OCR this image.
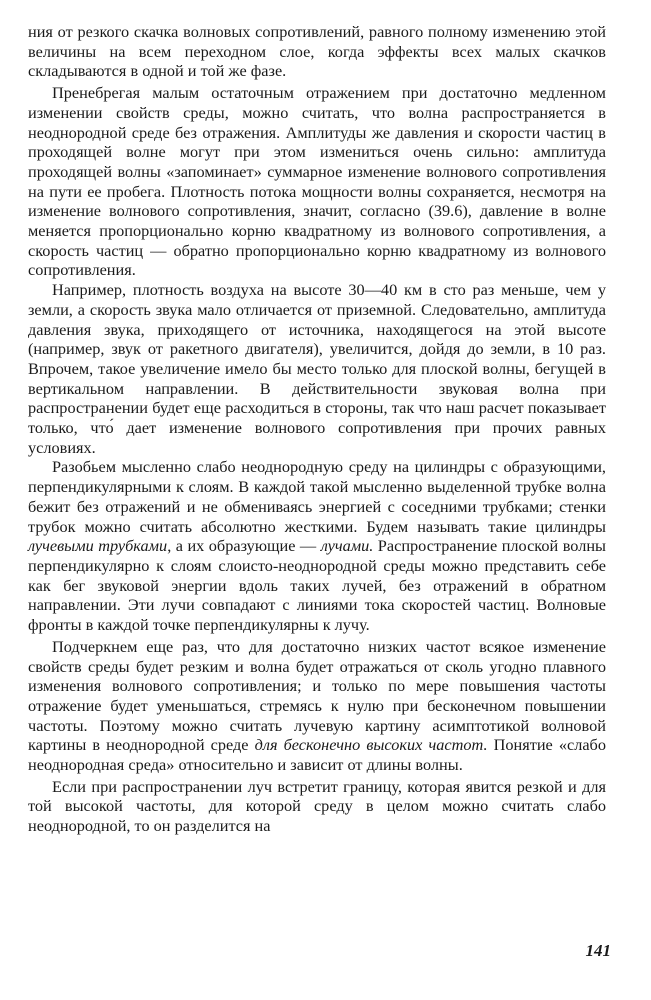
ния от резкого скачка волновых сопротивлений, равного полному изменению этой величины на всем переходном слое, когда эффекты всех малых скачков складываются в одной и той же фазе.

Пренебрегая малым остаточным отражением при достаточно медленном изменении свойств среды, можно считать, что волна распространяется в неоднородной среде без отражения. Амплитуды же давления и скорости частиц в проходящей волне могут при этом измениться очень сильно: амплитуда проходящей волны «запоминает» суммарное изменение волнового сопротивления на пути ее пробега. Плотность потока мощности волны сохраняется, несмотря на изменение волнового сопротивления, значит, согласно (39.6), давление в волне меняется пропорционально корню квадратному из волнового сопротивления, а скорость частиц — обратно пропорционально корню квадратному из волнового сопротивления.

Например, плотность воздуха на высоте 30—40 км в сто раз меньше, чем у земли, а скорость звука мало отличается от приземной. Следовательно, амплитуда давления звука, приходящего от источника, находящегося на этой высоте (например, звук от ракетного двигателя), увеличится, дойдя до земли, в 10 раз. Впрочем, такое увеличение имело бы место только для плоской волны, бегущей в вертикальном направлении. В действительности звуковая волна при распространении будет еще расходиться в стороны, так что наш расчет показывает только, что́ дает изменение волнового сопротивления при прочих равных условиях.

Разобьем мысленно слабо неоднородную среду на цилиндры с образующими, перпендикулярными к слоям. В каждой такой мысленно выделенной трубке волна бежит без отражений и не обмениваясь энергией с соседними трубками; стенки трубок можно считать абсолютно жесткими. Будем называть такие цилиндры лучевыми трубками, а их образующие — лучами. Распространение плоской волны перпендикулярно к слоям слоисто-неоднородной среды можно представить себе как бег звуковой энергии вдоль таких лучей, без отражений в обратном направлении. Эти лучи совпадают с линиями тока скоростей частиц. Волновые фронты в каждой точке перпендикулярны к лучу.

Подчеркнем еще раз, что для достаточно низких частот всякое изменение свойств среды будет резким и волна будет отражаться от сколь угодно плавного изменения волнового сопротивления; и только по мере повышения частоты отражение будет уменьшаться, стремясь к нулю при бесконечном повышении частоты. Поэтому можно считать лучевую картину асимптотикой волновой картины в неоднородной среде для бесконечно высоких частот. Понятие «слабо неоднородная среда» относительно и зависит от длины волны.

Если при распространении луч встретит границу, которая явится резкой и для той высокой частоты, для которой среду в целом можно считать слабо неоднородной, то он разделится на

141
